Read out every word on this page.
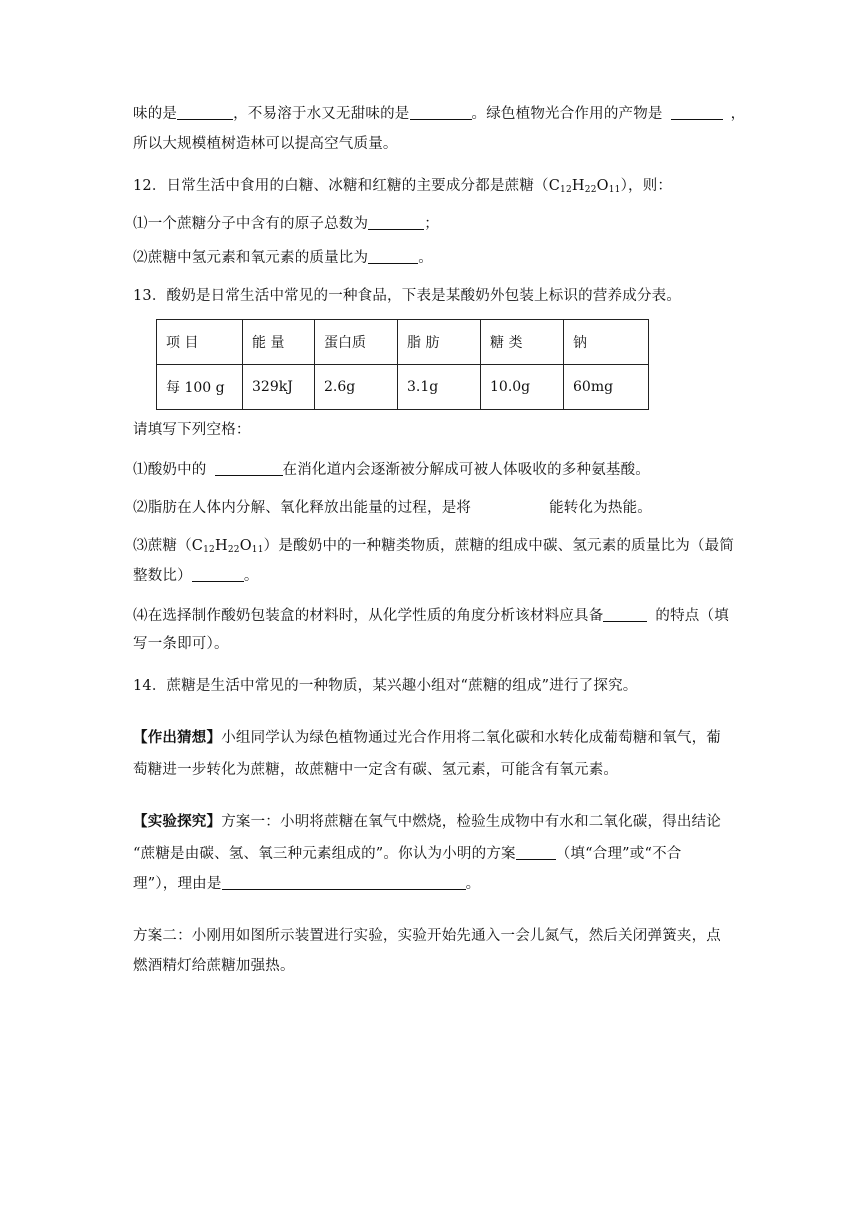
味的是	，不易溶于水又无甜味的是	。绿色植物光合作用的产物是	，
所以大规模植树造林可以提高空气质量。
12．日常生活中食用的白糖、冰糖和红糖的主要成分都是蔗糖$(C_{12}H_{22}O_{11})$，则：
⑴一个蔗糖分子中含有的原子总数为	；
⑵蔗糖中氢元素和氧元素的质量比为	。
13．酸奶是日常生活中常见的一种食品，下表是某酸奶外包装上标识的营养成分表。
项 目	能 量	蛋白质	脂 肪	糖 类	钠
每 100 g	329kJ	2.6g	3.1g	10.0g	60mg
请填写下列空格：
⑴酸奶中的	在消化道内会逐渐被分解成可被人体吸收的多种氨基酸。
⑵脂肪在人体内分解、氧化释放出能量的过程，是将	能转化为热能。
⑶蔗糖$(C_{12}H_{22}O_{11})$是酸奶中的一种糖类物质，蔗糖的组成中碳、氢元素的质量比为（最简
整数比）	。
⑷在选择制作酸奶包装盒的材料时，从化学性质的角度分析该材料应具备	的特点（填
写一条即可）。
14．蔗糖是生活中常见的一种物质，某兴趣小组对“蔗糖的组成”进行了探究。
【作出猜想】小组同学认为绿色植物通过光合作用将二氧化碳和水转化成葡萄糖和氧气，葡
萄糖进一步转化为蔗糖，故蔗糖中一定含有碳、氢元素，可能含有氧元素。
【实验探究】方案一：小明将蔗糖在氧气中燃烧，检验生成物中有水和二氧化碳，得出结论
“蔗糖是由碳、氢、氧三种元素组成的”。你认为小明的方案	（填“合理”或“不合
理”），理由是	。
方案二：小刚用如图所示装置进行实验，实验开始先通入一会儿氮气，然后关闭弹簧夹，点
燃酒精灯给蔗糖加强热。
